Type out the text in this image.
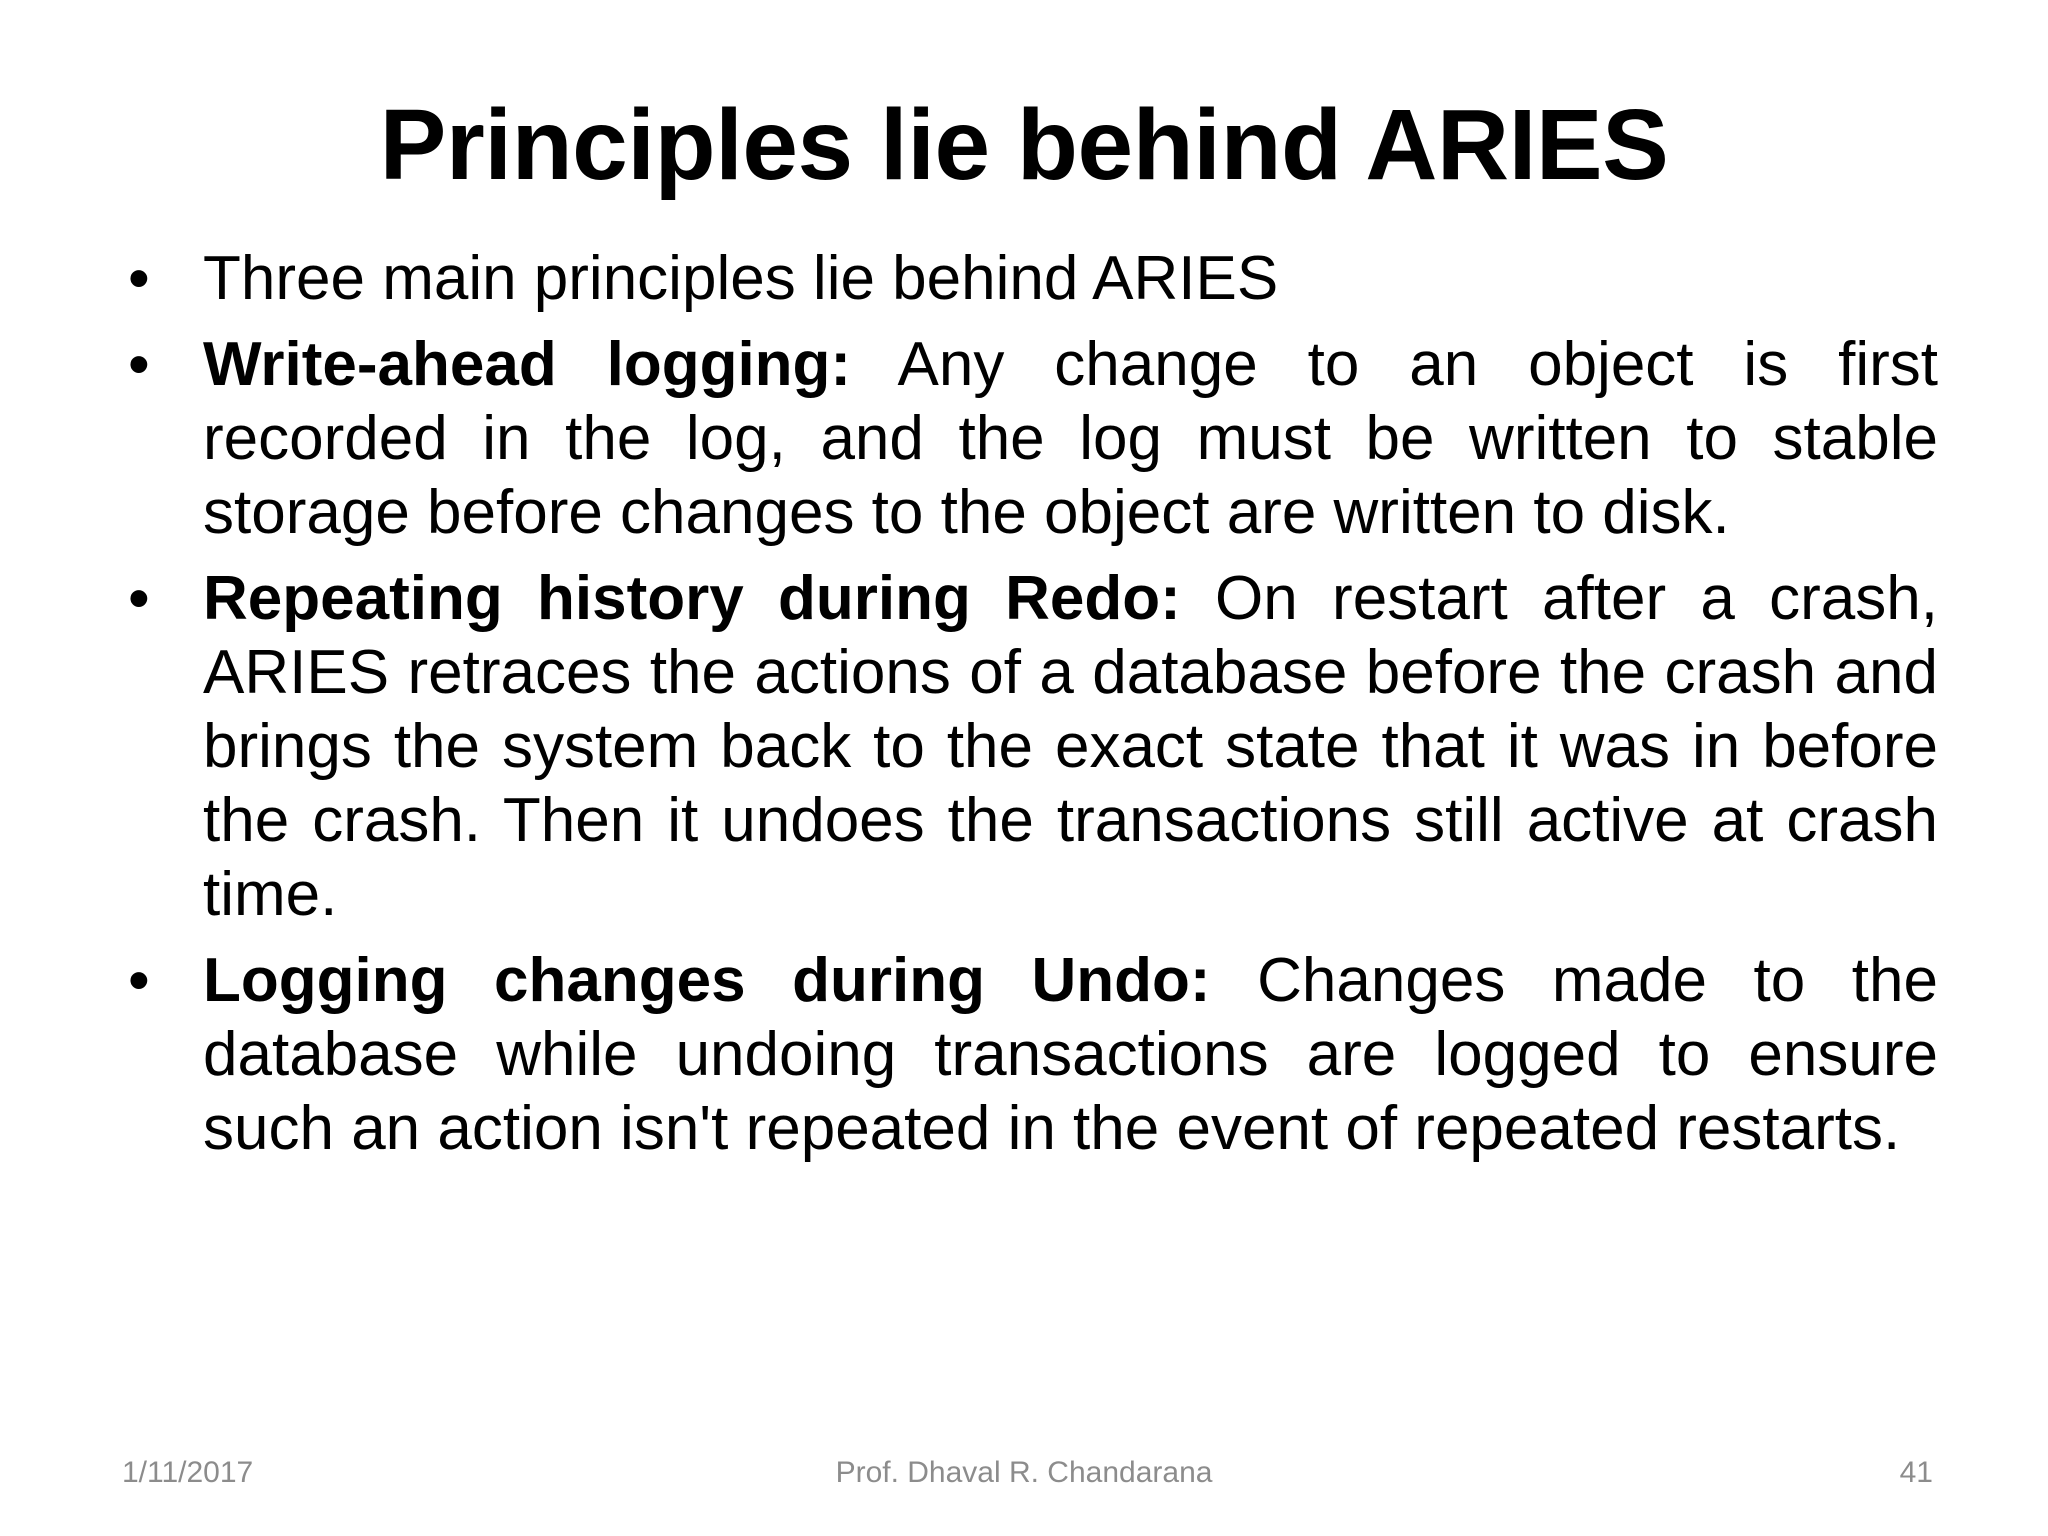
Principles lie behind ARIES
• Three main principles lie behind ARIES
• Write-ahead logging: Any change to an object is first recorded in the log, and the log must be written to stable storage before changes to the object are written to disk.
• Repeating history during Redo: On restart after a crash, ARIES retraces the actions of a database before the crash and brings the system back to the exact state that it was in before the crash. Then it undoes the transactions still active at crash time.
• Logging changes during Undo: Changes made to the database while undoing transactions are logged to ensure such an action isn't repeated in the event of repeated restarts.
1/11/2017	Prof. Dhaval R. Chandarana	41
